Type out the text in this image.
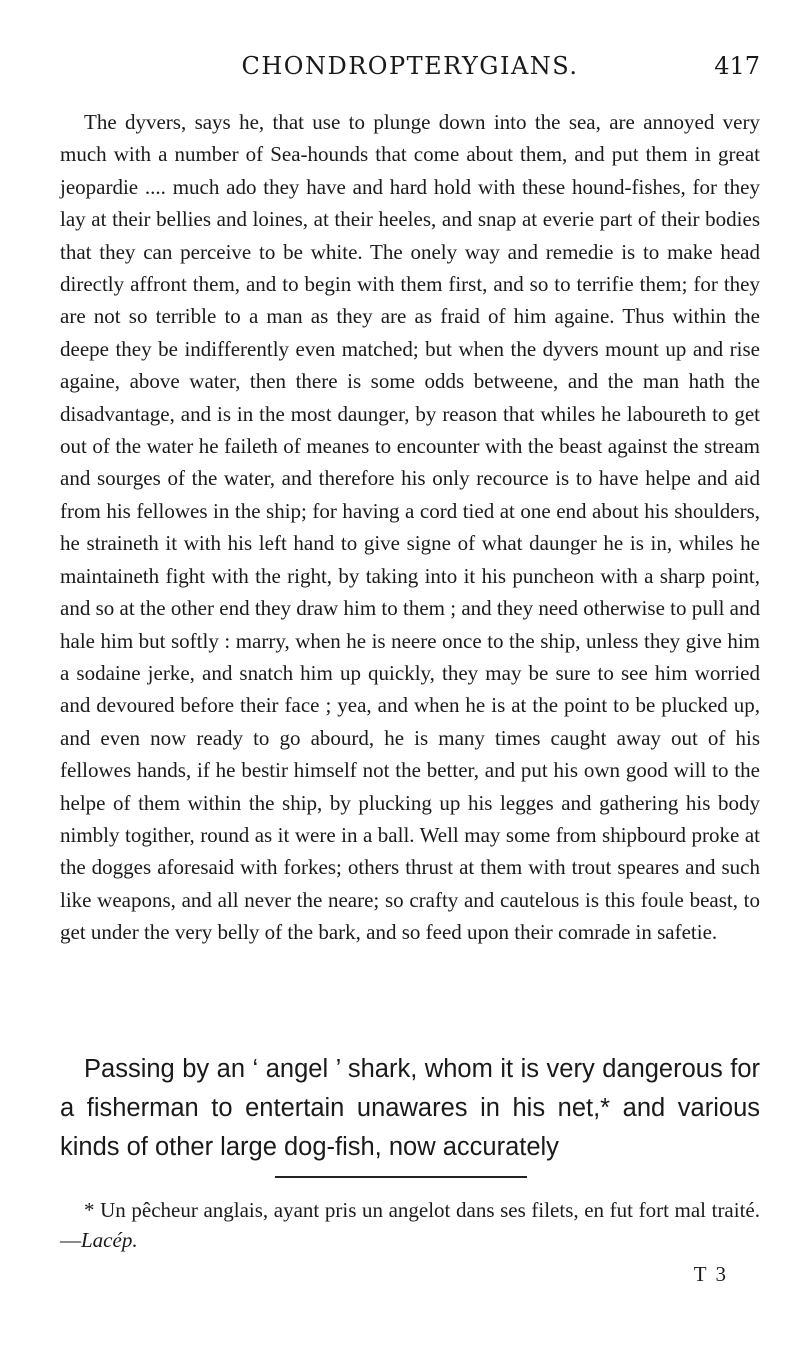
CHONDROPTERYGIANS.	417

The dyvers, says he, that use to plunge down into the sea, are annoyed very much with a number of Sea-hounds that come about them, and put them in great jeopardie .... much ado they have and hard hold with these hound-fishes, for they lay at their bellies and loines, at their heeles, and snap at everie part of their bodies that they can perceive to be white. The onely way and remedie is to make head directly affront them, and to begin with them first, and so to terrifie them; for they are not so terrible to a man as they are as fraid of him againe. Thus within the deepe they be indifferently even matched; but when the dyvers mount up and rise againe, above water, then there is some odds betweene, and the man hath the disadvantage, and is in the most daunger, by reason that whiles he laboureth to get out of the water he faileth of meanes to encounter with the beast against the stream and sourges of the water, and therefore his only recource is to have helpe and aid from his fellowes in the ship; for having a cord tied at one end about his shoulders, he straineth it with his left hand to give signe of what daunger he is in, whiles he maintaineth fight with the right, by taking into it his puncheon with a sharp point, and so at the other end they draw him to them ; and they need otherwise to pull and hale him but softly : marry, when he is neere once to the ship, unless they give him a sodaine jerke, and snatch him up quickly, they may be sure to see him worried and devoured before their face ; yea, and when he is at the point to be plucked up, and even now ready to go abourd, he is many times caught away out of his fellowes hands, if he bestir himself not the better, and put his own good will to the helpe of them within the ship, by plucking up his legges and gathering his body nimbly togither, round as it were in a ball. Well may some from shipbourd proke at the dogges aforesaid with forkes; others thrust at them with trout speares and such like weapons, and all never the neare; so crafty and cautelous is this foule beast, to get under the very belly of the bark, and so feed upon their comrade in safetie.

Passing by an ‘ angel ’ shark, whom it is very dangerous for a fisherman to entertain unawares in his net,* and various kinds of other large dog-fish, now accurately

* Un pêcheur anglais, ayant pris un angelot dans ses filets, en fut fort mal traité.—Lacép.

T 3
